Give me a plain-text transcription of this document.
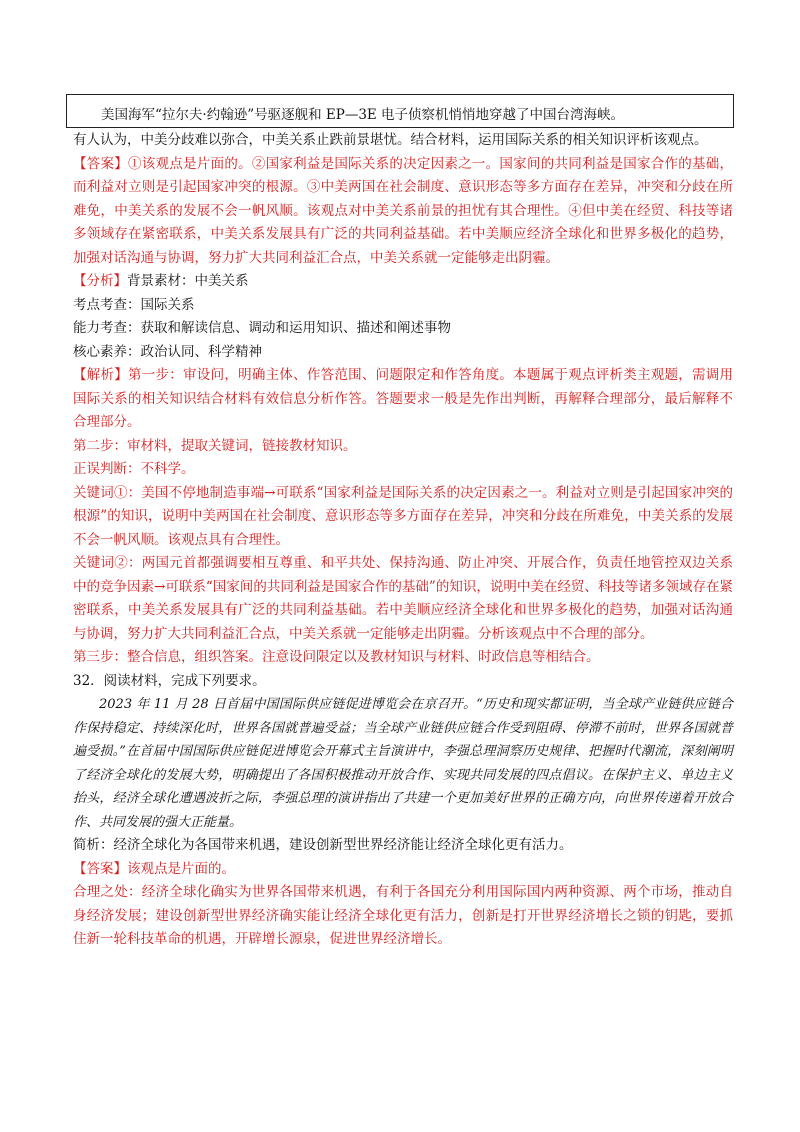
美国海军“拉尔夫·约翰逊”号驱逐舰和 EP—3E 电子侦察机悄悄地穿越了中国台湾海峡。

有人认为，中美分歧难以弥合，中美关系止跌前景堪忧。结合材料，运用国际关系的相关知识评析该观点。

【答案】①该观点是片面的。②国家利益是国际关系的决定因素之一。国家间的共同利益是国家合作的基础，而利益对立则是引起国家冲突的根源。③中美两国在社会制度、意识形态等多方面存在差异，冲突和分歧在所难免，中美关系的发展不会一帆风顺。该观点对中美关系前景的担忧有其合理性。④但中美在经贸、科技等诸多领域存在紧密联系，中美关系发展具有广泛的共同利益基础。若中美顺应经济全球化和世界多极化的趋势，加强对话沟通与协调，努力扩大共同利益汇合点，中美关系就一定能够走出阴霾。

【分析】背景素材：中美关系

考点考查：国际关系

能力考查：获取和解读信息、调动和运用知识、描述和阐述事物

核心素养：政治认同、科学精神

【解析】第一步：审设问，明确主体、作答范围、问题限定和作答角度。本题属于观点评析类主观题，需调用国际关系的相关知识结合材料有效信息分析作答。答题要求一般是先作出判断，再解释合理部分，最后解释不合理部分。

第二步：审材料，提取关键词，链接教材知识。

正误判断：不科学。

关键词①：美国不停地制造事端→可联系“国家利益是国际关系的决定因素之一。利益对立则是引起国家冲突的根源”的知识，说明中美两国在社会制度、意识形态等多方面存在差异，冲突和分歧在所难免，中美关系的发展不会一帆风顺。该观点具有合理性。

关键词②：两国元首都强调要相互尊重、和平共处、保持沟通、防止冲突、开展合作，负责任地管控双边关系中的竞争因素→可联系“国家间的共同利益是国家合作的基础”的知识，说明中美在经贸、科技等诸多领域存在紧密联系，中美关系发展具有广泛的共同利益基础。若中美顺应经济全球化和世界多极化的趋势，加强对话沟通与协调，努力扩大共同利益汇合点，中美关系就一定能够走出阴霾。分析该观点中不合理的部分。

第三步：整合信息，组织答案。注意设问限定以及教材知识与材料、时政信息等相结合。

32．阅读材料，完成下列要求。

2023 年 11 月 28 日首届中国国际供应链促进博览会在京召开。“历史和现实都证明，当全球产业链供应链合作保持稳定、持续深化时，世界各国就普遍受益；当全球产业链供应链合作受到阻碍、停滞不前时，世界各国就普遍受损。”在首届中国国际供应链促进博览会开幕式主旨演讲中，李强总理洞察历史规律、把握时代潮流，深刻阐明了经济全球化的发展大势，明确提出了各国积极推动开放合作、实现共同发展的四点倡议。在保护主义、单边主义抬头，经济全球化遭遇波折之际，李强总理的演讲指出了共建一个更加美好世界的正确方向，向世界传递着开放合作、共同发展的强大正能量。

简析：经济全球化为各国带来机遇，建设创新型世界经济能让经济全球化更有活力。

【答案】该观点是片面的。

合理之处：经济全球化确实为世界各国带来机遇，有利于各国充分利用国际国内两种资源、两个市场，推动自身经济发展；建设创新型世界经济确实能让经济全球化更有活力，创新是打开世界经济增长之锁的钥匙，要抓住新一轮科技革命的机遇，开辟增长源泉，促进世界经济增长。
